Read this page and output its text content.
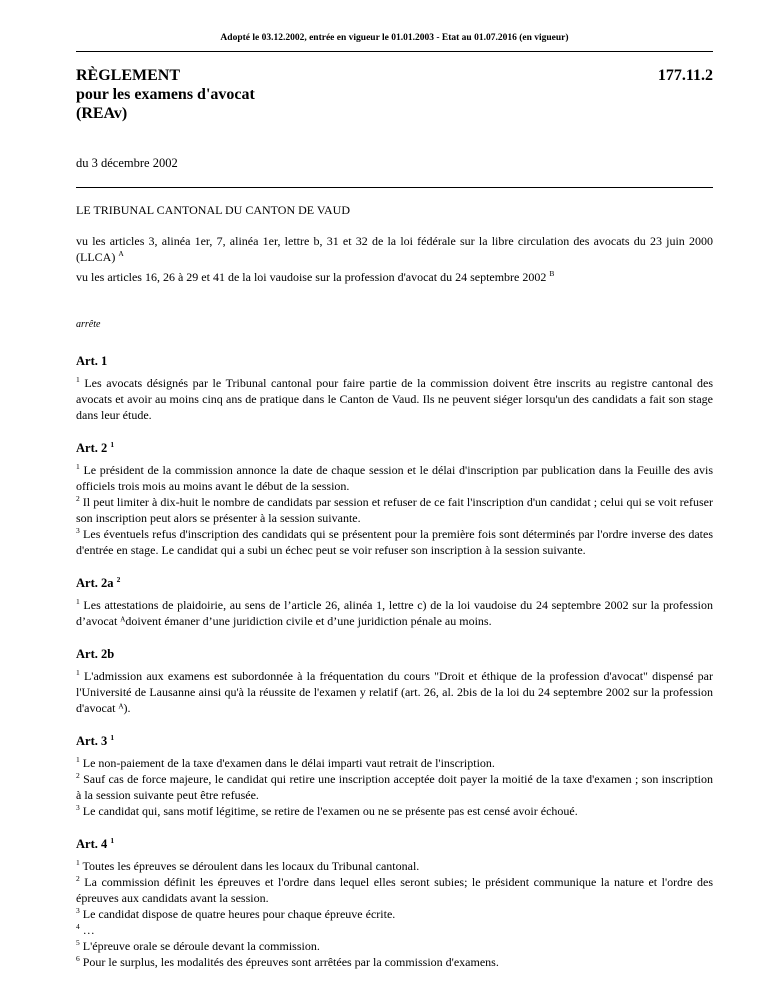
Adopté le 03.12.2002, entrée en vigueur le 01.01.2003 - Etat au 01.07.2016 (en vigueur)
RÈGLEMENT
pour les examens d'avocat
(REAv)
177.11.2
du 3 décembre 2002
LE TRIBUNAL CANTONAL DU CANTON DE VAUD
vu les articles 3, alinéa 1er, 7, alinéa 1er, lettre b, 31 et 32 de la loi fédérale sur la libre circulation des avocats du 23 juin 2000 (LLCA) $^A$
vu les articles 16, 26 à 29 et 41 de la loi vaudoise sur la profession d'avocat du 24 septembre 2002 $^B$
arrête
Art. 1

$^1$ Les avocats désignés par le Tribunal cantonal pour faire partie de la commission doivent être inscrits au registre cantonal des avocats et avoir au moins cinq ans de pratique dans le Canton de Vaud. Ils ne peuvent siéger lorsqu'un des candidats a fait son stage dans leur étude.

Art. 2 $^1$

$^1$ Le président de la commission annonce la date de chaque session et le délai d'inscription par publication dans la Feuille des avis officiels trois mois au moins avant le début de la session.

$^2$ Il peut limiter à dix-huit le nombre de candidats par session et refuser de ce fait l'inscription d'un candidat ; celui qui se voit refuser son inscription peut alors se présenter à la session suivante.

$^3$ Les éventuels refus d'inscription des candidats qui se présentent pour la première fois sont déterminés par l'ordre inverse des dates d'entrée en stage. Le candidat qui a subi un échec peut se voir refuser son inscription à la session suivante.

Art. 2a $^2$

$^1$ Les attestations de plaidoirie, au sens de l’article 26, alinéa 1, lettre c) de la loi vaudoise du 24 septembre 2002 sur la profession d’avocat ᴬdoivent émaner d’une juridiction civile et d’une juridiction pénale au moins.

Art. 2b

$^1$ L'admission aux examens est subordonnée à la fréquentation du cours "Droit et éthique de la profession d'avocat" dispensé par l'Université de Lausanne ainsi qu'à la réussite de l'examen y relatif (art. 26, al. 2bis de la loi du 24 septembre 2002 sur la profession d'avocat ᴬ).

Art. 3 $^1$

$^1$ Le non-paiement de la taxe d'examen dans le délai imparti vaut retrait de l'inscription.

$^2$ Sauf cas de force majeure, le candidat qui retire une inscription acceptée doit payer la moitié de la taxe d'examen ; son inscription à la session suivante peut être refusée.

$^3$ Le candidat qui, sans motif légitime, se retire de l'examen ou ne se présente pas est censé avoir échoué.

Art. 4 $^1$

$^1$ Toutes les épreuves se déroulent dans les locaux du Tribunal cantonal.

$^2$ La commission définit les épreuves et l'ordre dans lequel elles seront subies; le président communique la nature et l'ordre des épreuves aux candidats avant la session.

$^3$ Le candidat dispose de quatre heures pour chaque épreuve écrite.

$^4$ …

$^5$ L'épreuve orale se déroule devant la commission.

$^6$ Pour le surplus, les modalités des épreuves sont arrêtées par la commission d'examens.
